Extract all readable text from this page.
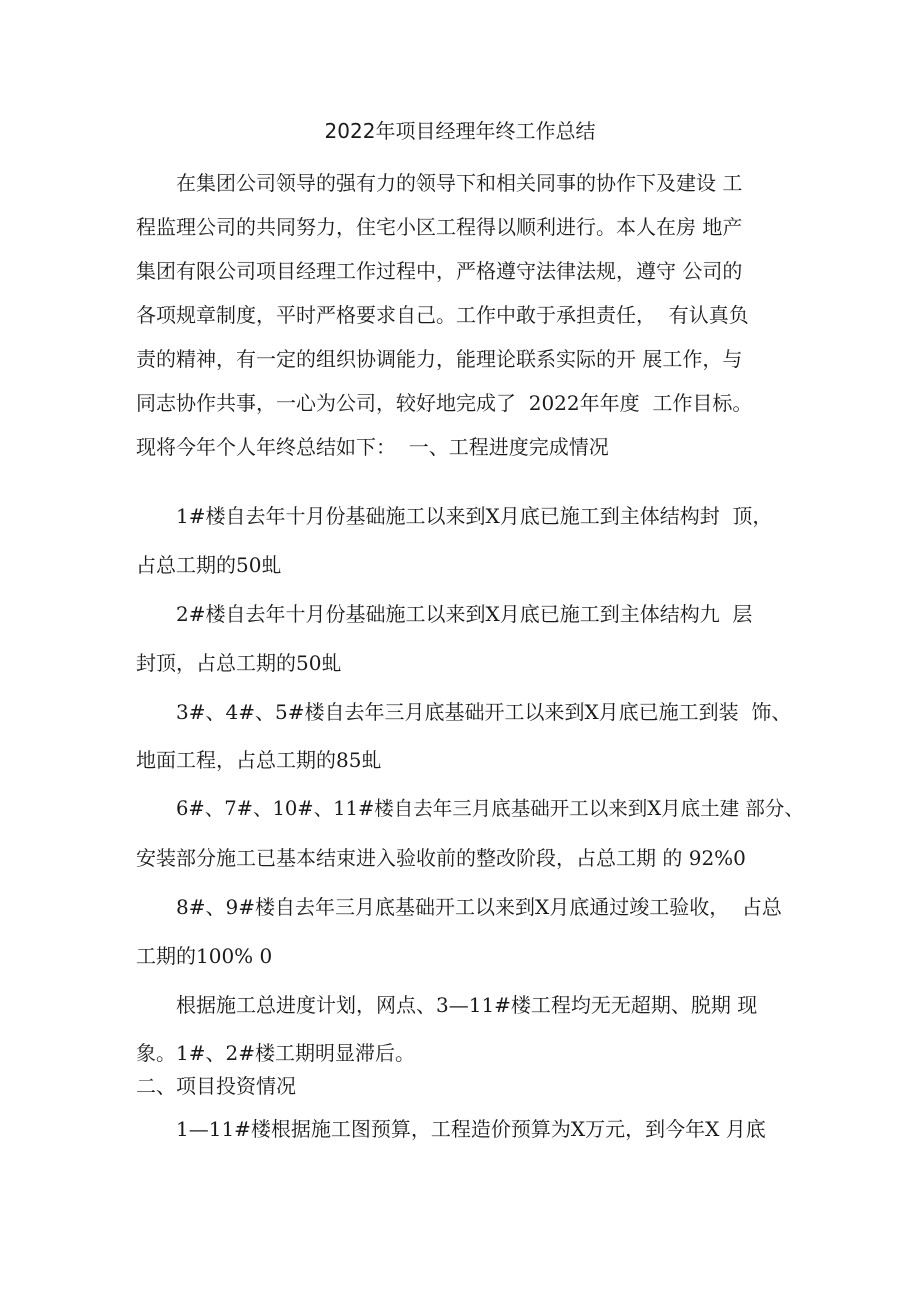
2022年项目经理年终工作总结
在集团公司领导的强有力的领导下和相关同事的协作下及建设 工
程监理公司的共同努力，住宅小区工程得以顺利进行。本人在房 地产
集团有限公司项目经理工作过程中，严格遵守法律法规，遵守 公司的
各项规章制度，平时严格要求自己。工作中敢于承担责任，  有认真负
责的精神，有一定的组织协调能力，能理论联系实际的开 展工作，与
同志协作共事，一心为公司，较好地完成了  2022年年度  工作目标。
现将今年个人年终总结如下：  一、工程进度完成情况
1#楼自去年十月份基础施工以来到X月底已施工到主体结构封  顶，
占总工期的50虬
2#楼自去年十月份基础施工以来到X月底已施工到主体结构九  层
封顶，占总工期的50虬
3#、4#、5#楼自去年三月底基础开工以来到X月底已施工到装  饰、
地面工程，占总工期的85虬
6#、7#、10#、11#楼自去年三月底基础开工以来到X月底土建 部分、
安装部分施工已基本结束进入验收前的整改阶段，占总工期 的 92%0
8#、9#楼自去年三月底基础开工以来到X月底通过竣工验收，  占总
工期的100% 0
根据施工总进度计划，网点、3—11#楼工程均无无超期、脱期 现
象。1#、2#楼工期明显滞后。
二、项目投资情况
1—11#楼根据施工图预算，工程造价预算为X万元，到今年X 月底
